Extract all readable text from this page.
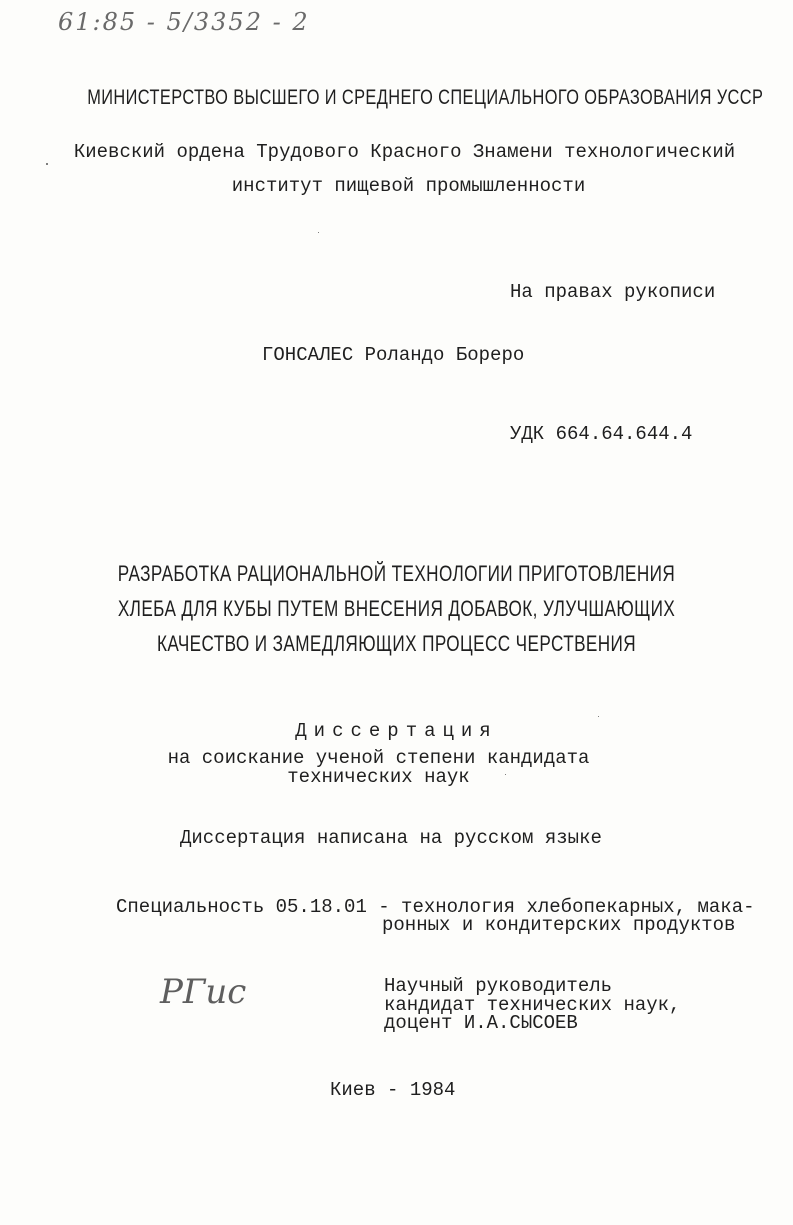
61:85 - 5/3352 - 2
МИНИСТЕРСТВО ВЫСШЕГО И СРЕДНЕГО СПЕЦИАЛЬНОГО ОБРАЗОВАНИЯ УССР
Киевский ордена Трудового Красного Знамени технологический
институт пищевой промышленности
На правах рукописи
ГОНСАЛЕС Роландо Бореро
УДК 664.64.644.4
РАЗРАБОТКА РАЦИОНАЛЬНОЙ ТЕХНОЛОГИИ ПРИГОТОВЛЕНИЯ
ХЛЕБА ДЛЯ КУБЫ ПУТЕМ ВНЕСЕНИЯ ДОБАВОК, УЛУЧШАЮЩИХ
КАЧЕСТВО И ЗАМЕДЛЯЮЩИХ ПРОЦЕСС ЧЕРСТВЕНИЯ
Диссертация
на соискание ученой степени кандидата
технических наук
Диссертация написана на русском языке
Специальность 05.18.01 - технология хлебопекарных, мака-
ронных и кондитерских продуктов
РГис	Научный руководитель
кандидат технических наук,
доцент И.А.СЫСОЕВ
Киев - 1984
